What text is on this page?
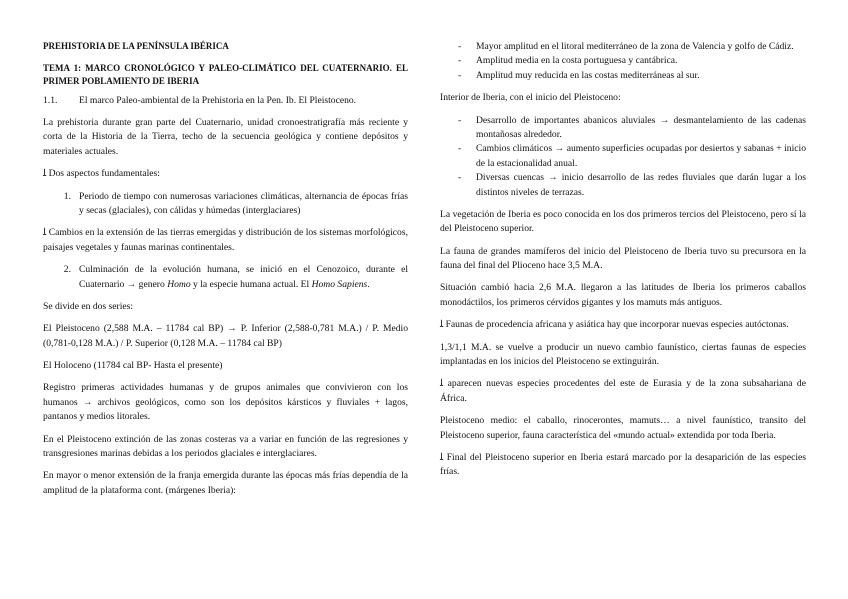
PREHISTORIA DE LA PENÍNSULA IBÉRICA

TEMA 1: MARCO CRONOLÓGICO Y PALEO-CLIMÁTICO DEL CUATERNARIO. EL PRIMER POBLAMIENTO DE IBERIA

1.1.	El marco Paleo-ambiental de la Prehistoria en la Pen. Ib. El Pleistoceno.

La prehistoria durante gran parte del Cuaternario, unidad cronoestratigrafía más reciente y corta de la Historia de la Tierra, techo de la secuencia geológica y contiene depósitos y materiales actuales.

ﻠ Dos aspectos fundamentales:

1. Periodo de tiempo con numerosas variaciones climáticas, alternancia de épocas frías y secas (glaciales), con cálidas y húmedas (interglaciares)

ﻠ Cambios en la extensión de las tierras emergidas y distribución de los sistemas morfológicos, paisajes vegetales y faunas marinas continentales.

2. Culminación de la evolución humana, se inició en el Cenozoico, durante el Cuaternario → genero Homo y la especie humana actual. El Homo Sapiens.

Se divide en dos series:

El Pleistoceno (2,588 M.A. – 11784 cal BP) → P. Inferior (2,588-0,781 M.A.) / P. Medio (0,781-0,128 M.A.) / P. Superior (0,128 M.A. – 11784 cal BP)

El Holoceno (11784 cal BP- Hasta el presente)

Registro primeras actividades humanas y de grupos animales que convivieron con los humanos → archivos geológicos, como son los depósitos kársticos y fluviales + lagos, pantanos y medios litorales.

En el Pleistoceno extinción de las zonas costeras va a variar en función de las regresiones y transgresiones marinas debidas a los periodos glaciales e interglaciares.

En mayor o menor extensión de la franja emergida durante las épocas más frías dependía de la amplitud de la plataforma cont. (márgenes Iberia):

-	Mayor amplitud en el litoral mediterráneo de la zona de Valencia y golfo de Cádiz.
-	Amplitud media en la costa portuguesa y cantábrica.
-	Amplitud muy reducida en las costas mediterráneas al sur.

Interior de Iberia, con el inicio del Pleistoceno:

-	Desarrollo de importantes abanicos aluviales → desmantelamiento de las cadenas montañosas alrededor.
-	Cambios climáticos → aumento superficies ocupadas por desiertos y sabanas + inicio de la estacionalidad anual.
-	Diversas cuencas → inicio desarrollo de las redes fluviales que darán lugar a los distintos niveles de terrazas.

La vegetación de Iberia es poco conocida en los dos primeros tercios del Pleistoceno, pero sí la del Pleistoceno superior.

La fauna de grandes mamíferos del inicio del Pleistoceno de Iberia tuvo su precursora en la fauna del final del Plioceno hace 3,5 M.A.

Situación cambió hacia 2,6 M.A. llegaron a las latitudes de Iberia los primeros caballos monodáctilos, los primeros cérvidos gigantes y los mamuts más antiguos.

ﻠ Faunas de procedencia africana y asiática hay que incorporar nuevas especies autóctonas.

1,3/1,1 M.A. se vuelve a producir un nuevo cambio faunístico, ciertas faunas de especies implantadas en los inicios del Pleistoceno se extinguirán.

ﻠ aparecen nuevas especies procedentes del este de Eurasia y de la zona subsahariana de África.

Pleistoceno medio: el caballo, rinocerontes, mamuts… a nivel faunístico, transito del Pleistoceno superior, fauna característica del «mundo actual» extendida por toda Iberia.

ﻠ Final del Pleistoceno superior en Iberia estará marcado por la desaparición de las especies frías.
